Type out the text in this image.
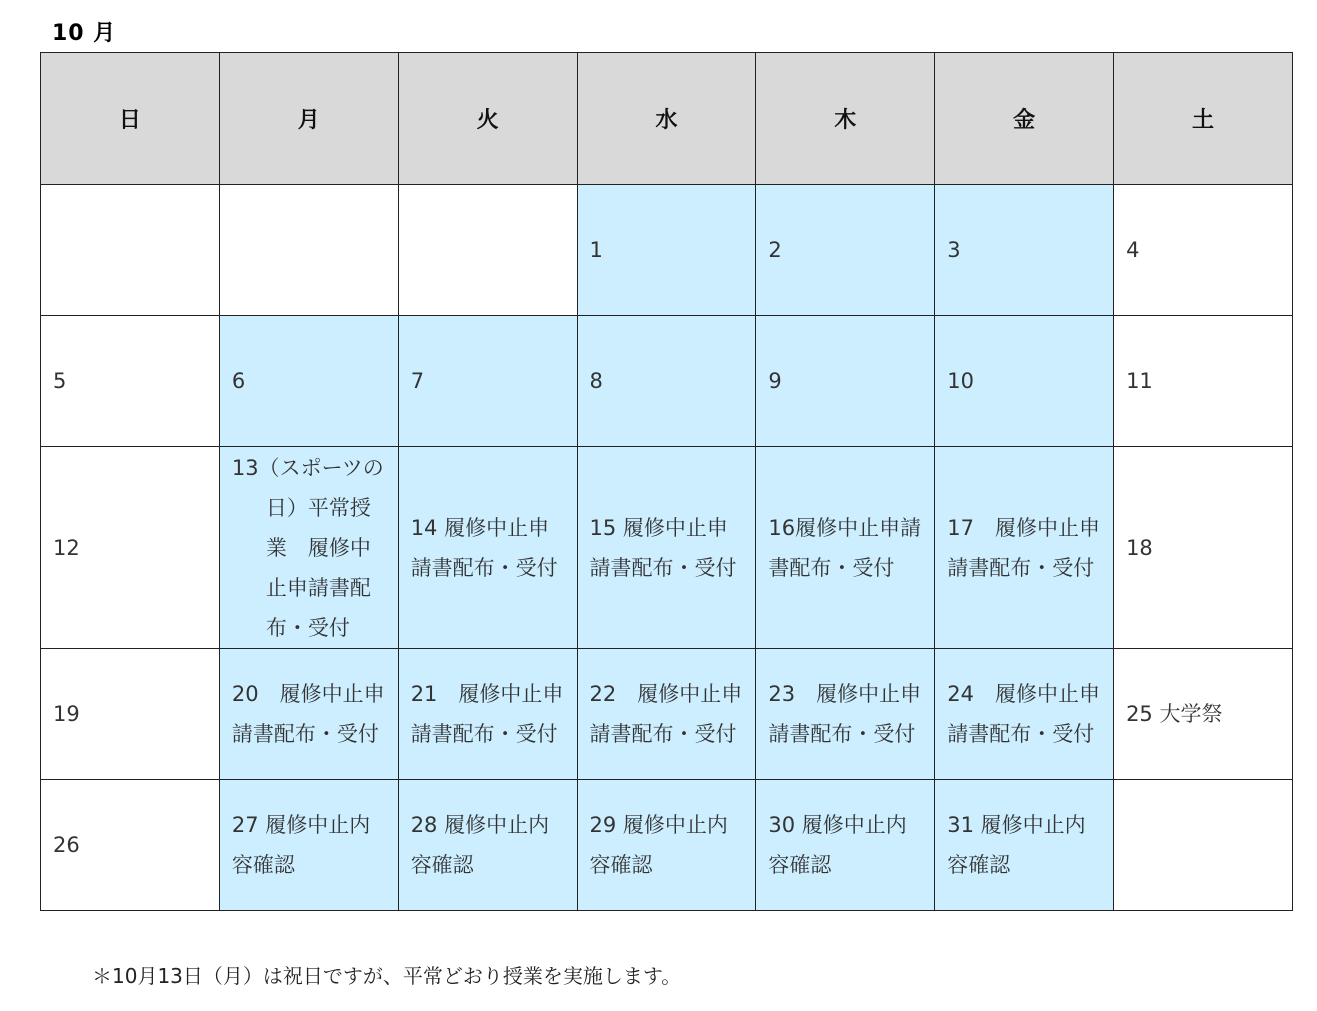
10 月
日	月	火	水	木	金	土

			1	2	3	4

5	6	7	8	9	10	11

12	13（スポーツの日）平常授業　履修中止申請書配布・受付	14 履修中止申請書配布・受付	15 履修中止申請書配布・受付	16履修中止申請書配布・受付	17　履修中止申請書配布・受付	18

19	20　履修中止申請書配布・受付	21　履修中止申請書配布・受付	22　履修中止申請書配布・受付	23　履修中止申請書配布・受付	24　履修中止申請書配布・受付	25 大学祭

26	27 履修中止内容確認	28 履修中止内容確認	29 履修中止内容確認	30 履修中止内容確認	31 履修中止内容確認	

＊10月13日（月）は祝日ですが、平常どおり授業を実施します。
